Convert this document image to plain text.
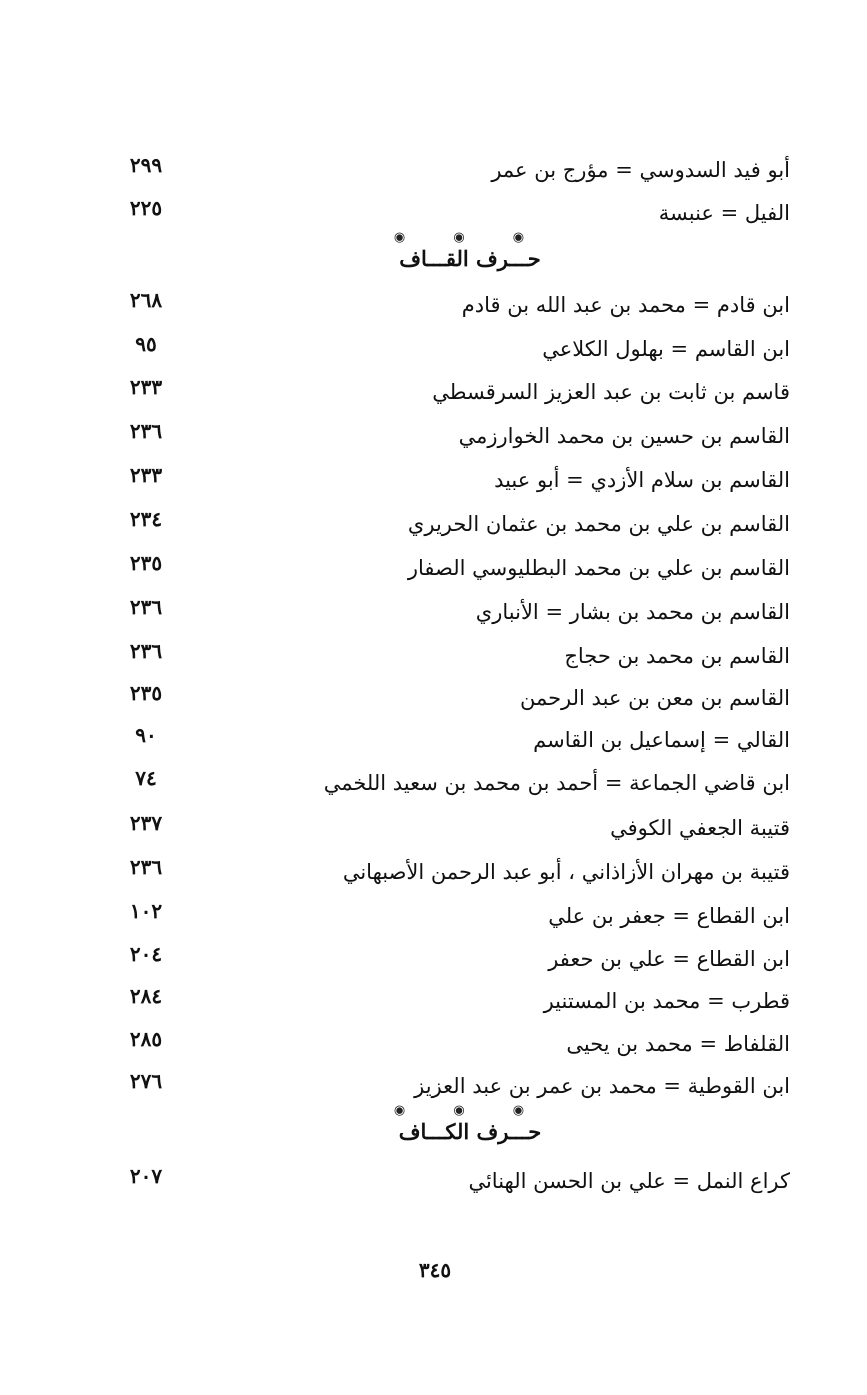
أبو فيد السدوسي = مؤرج بن عمر
٢٩٩
الفيل = عنبسة
٢٢٥
◉ ◉ ◉
حـــرف القـــاف
ابن قادم = محمد بن عبد الله بن قادم
٢٦٨
ابن القاسم = بهلول الكلاعي
٩٥
قاسم بن ثابت بن عبد العزيز السرقسطي
٢٣٣
القاسم بن حسين بن محمد الخوارزمي
٢٣٦
القاسم بن سلام الأزدي = أبو عبيد
٢٣٣
القاسم بن علي بن محمد بن عثمان الحريري
٢٣٤
القاسم بن علي بن محمد البطليوسي الصفار
٢٣٥
القاسم بن محمد بن بشار = الأنباري
٢٣٦
القاسم بن محمد بن حجاج
٢٣٦
القاسم بن معن بن عبد الرحمن
٢٣٥
القالي = إسماعيل بن القاسم
٩٠
ابن قاضي الجماعة = أحمد بن محمد بن سعيد اللخمي
٧٤
قتيبة الجعفي الكوفي
٢٣٧
قتيبة بن مهران الأزاذاني ، أبو عبد الرحمن الأصبهاني
٢٣٦
ابن القطاع = جعفر بن علي
١٠٢
ابن القطاع = علي بن حعفر
٢٠٤
قطرب = محمد بن المستنير
٢٨٤
القلفاط = محمد بن يحيى
٢٨٥
ابن القوطية = محمد بن عمر بن عبد العزيز
٢٧٦
◉ ◉ ◉
حـــرف الكـــاف
كراع النمل = علي بن الحسن الهنائي
٢٠٧
٣٤٥
